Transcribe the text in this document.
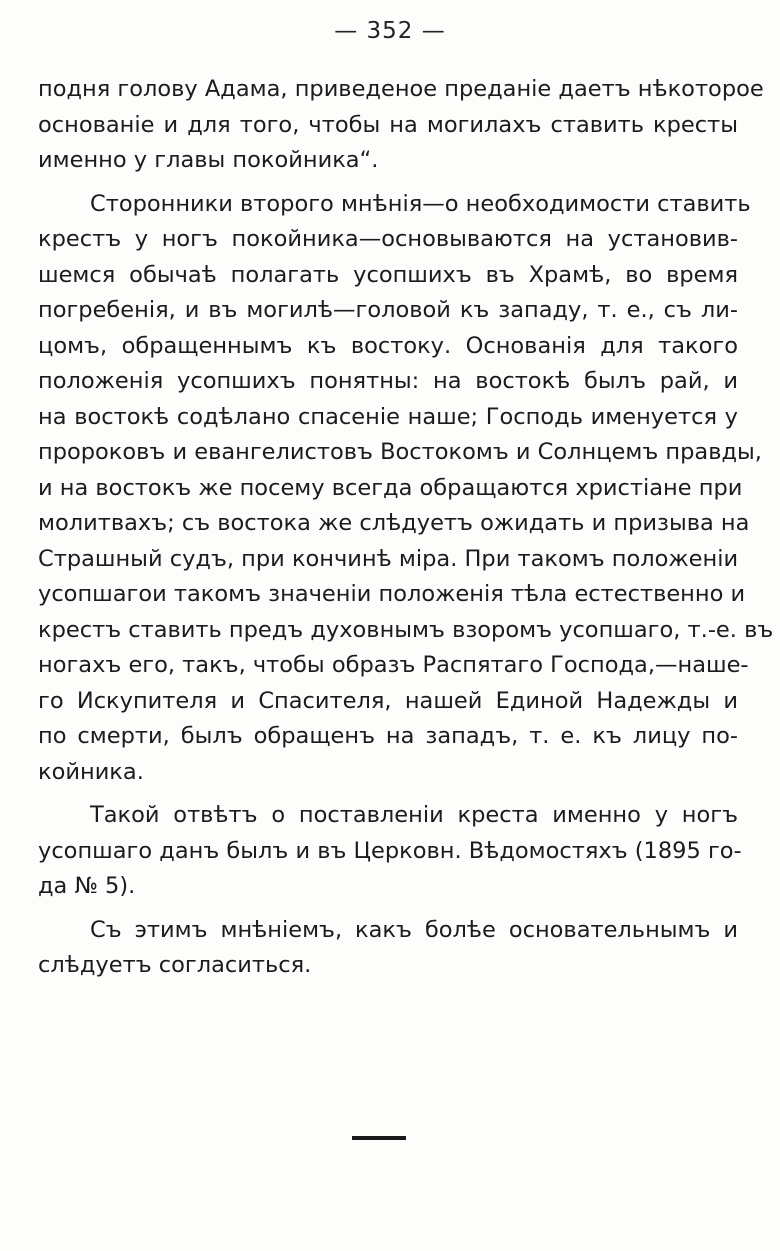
— 352 —

подня голову Адама, приведеное преданіе даетъ нѣкоторое
основаніе и для того, чтобы на могилахъ ставить кресты
именно у главы покойника“.

Сторонники второго мнѣнія—о необходимости ставить
крестъ у ногъ покойника—основываются на установив-
шемся обычаѣ полагать усопшихъ въ Храмѣ, во время
погребенія, и въ могилѣ—головой къ западу, т. е., съ ли-
цомъ, обращеннымъ къ востоку. Основанія для такого
положенія усопшихъ понятны: на востокѣ былъ рай, и
на востокѣ содѣлано спасеніе наше; Господь именуется у
пророковъ и евангелистовъ Востокомъ и Солнцемъ правды,
и на востокъ же посему всегда обращаются христіане при
молитвахъ; съ востока же слѣдуетъ ожидать и призыва на
Страшный судъ, при кончинѣ міра. При такомъ положеніи
усопшагои такомъ значеніи положенія тѣла естественно и
крестъ ставить предъ духовнымъ взоромъ усопшаго, т.-е. въ
ногахъ его, такъ, чтобы образъ Распятаго Господа,—наше-
го Искупителя и Спасителя, нашей Единой Надежды и
по смерти, былъ обращенъ на западъ, т. е. къ лицу по-
койника.

Такой отвѣтъ о поставленіи креста именно у ногъ
усопшаго данъ былъ и въ Церковн. Вѣдомостяхъ (1895 го-
да № 5).

Съ этимъ мнѣніемъ, какъ болѣе основательнымъ и
слѣдуетъ согласиться.
